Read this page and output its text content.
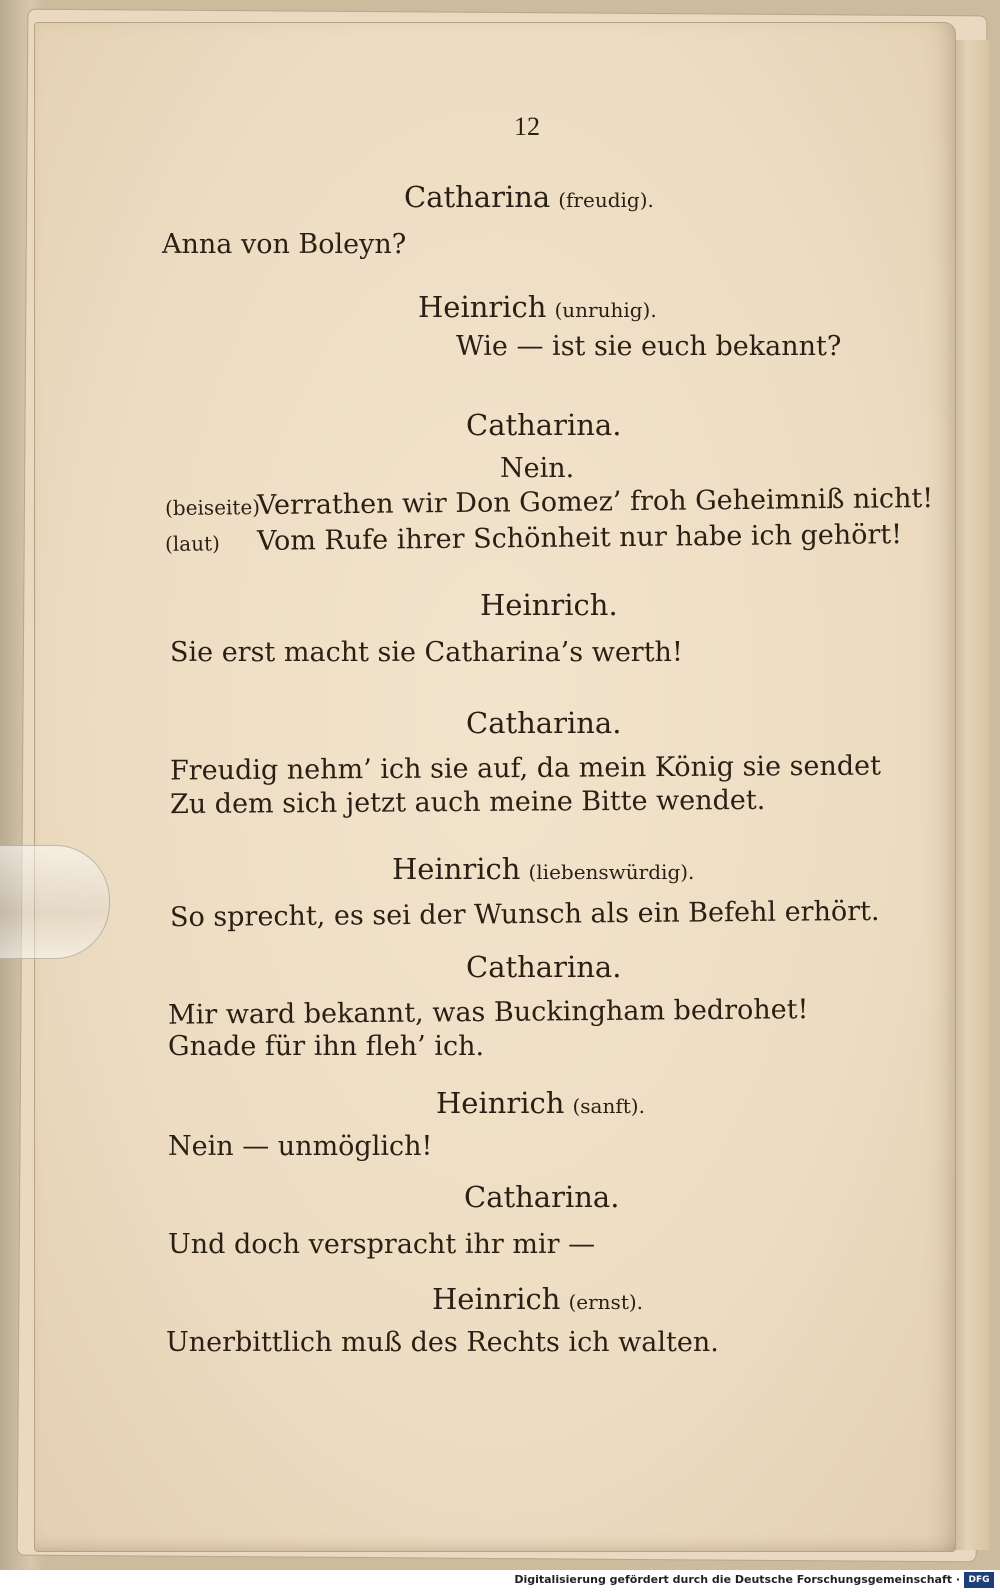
12
Catharina (freudig).
Anna von Boleyn?
Heinrich (unruhig).
Wie — ist sie euch bekannt?
Catharina.
Nein.
(beiseite)Verrathen wir Don Gomez’ froh Geheimniß nicht!
(laut) Vom Rufe ihrer Schönheit nur habe ich gehört!
Heinrich.
Sie erst macht sie Catharina’s werth!
Catharina.
Freudig nehm’ ich sie auf, da mein König sie sendet
Zu dem sich jetzt auch meine Bitte wendet.
Heinrich (liebenswürdig).
So sprecht, es sei der Wunsch als ein Befehl erhört.
Catharina.
Mir ward bekannt, was Buckingham bedrohet!
Gnade für ihn fleh’ ich.
Heinrich (sanft).
Nein — unmöglich!
Catharina.
Und doch verspracht ihr mir —
Heinrich (ernst).
Unerbittlich muß des Rechts ich walten.
Digitalisierung gefördert durch die Deutsche Forschungsgemeinschaft · DFG
